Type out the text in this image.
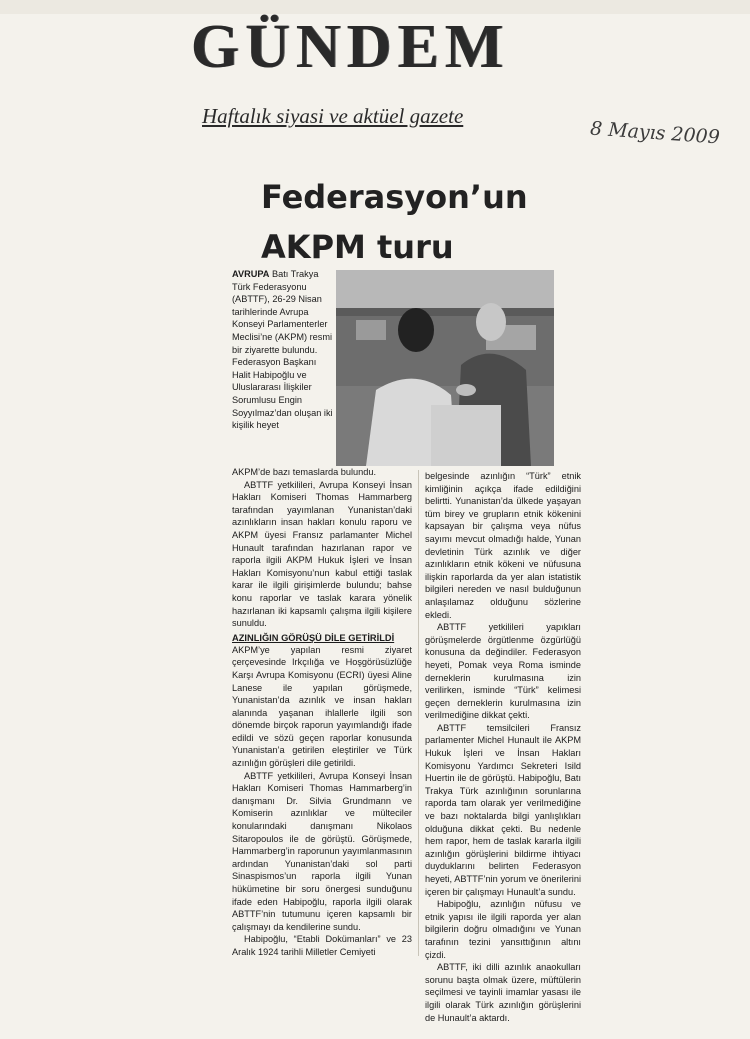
GÜNDEM
Haftalık siyasi ve aktüel gazete
8 Mayıs 2009
Federasyon’un
AKPM turu
AVRUPA Batı Trakya Türk Federasyonu (ABTTF), 26-29 Nisan tarihlerinde Avrupa Konseyi Parlamenterler Meclisi’ne (AKPM) resmi bir ziyarette bulundu. Federasyon Başkanı Halit Habipoğlu ve Uluslararası İlişkiler Sorumlusu Engin Soyyılmaz’dan oluşan iki kişilik heyet
AKPM’de bazı temaslarda bulundu.

ABTTF yetkilileri, Avrupa Konseyi İnsan Hakları Komiseri Thomas Hammarberg tarafından yayımlanan Yunanistan’daki azınlıkların insan hakları konulu raporu ve AKPM üyesi Fransız parlamanter Michel Hunault tarafından hazırlanan rapor ve raporla ilgili AKPM Hukuk İşleri ve İnsan Hakları Komisyonu’nun kabul ettiği taslak karar ile ilgili girişimlerde bulundu; bahse konu raporlar ve taslak karara yönelik hazırlanan iki kapsamlı çalışma ilgili kişilere sunuldu.

AZINLIĞIN GÖRÜŞÜ DİLE GETİRİLDİ

AKPM’ye yapılan resmi ziyaret çerçevesinde Irkçılığa ve Hoşgörüsüzlüğe Karşı Avrupa Komisyonu (ECRI) üyesi Aline Lanese ile yapılan görüşmede, Yunanistan’da azınlık ve insan hakları alanında yaşanan ihlallerle ilgili son dönemde birçok raporun yayımlandığı ifade edildi ve sözü geçen raporlar konusunda Yunanistan’a getirilen eleştiriler ve Türk azınlığın görüşleri dile getirildi.

ABTTF yetkilileri, Avrupa Konseyi İnsan Hakları Komiseri Thomas Hammarberg’in danışmanı Dr. Silvia Grundmann ve Komiserin azınlıklar ve mülteciler konularındaki danışmanı Nikolaos Sitaropoulos ile de görüştü. Görüşmede, Hammarberg’in raporunun yayımlanmasının ardından Yunanistan’daki sol parti Sinaspismos’un raporla ilgili Yunan hükümetine bir soru önergesi sunduğunu ifade eden Habipoğlu, raporla ilgili olarak ABTTF’nin tutumunu içeren kapsamlı bir çalışmayı da kendilerine sundu.

Habipoğlu, “Etabli Dokümanları” ve 23 Aralık 1924 tarihli Milletler Cemiyeti

belgesinde azınlığın “Türk” etnik kimliğinin açıkça ifade edildiğini belirtti. Yunanistan’da ülkede yaşayan tüm birey ve grupların etnik kökenini kapsayan bir çalışma veya nüfus sayımı mevcut olmadığı halde, Yunan devletinin Türk azınlık ve diğer azınlıkların etnik kökeni ve nüfusuna ilişkin raporlarda da yer alan istatistik bilgileri nereden ve nasıl bulduğunun anlaşılamaz olduğunu sözlerine ekledi.

ABTTF yetkilileri yapıkları görüşmelerde örgütlenme özgürlüğü konusuna da değindiler. Federasyon heyeti, Pomak veya Roma isminde derneklerin kurulmasına izin verilirken, isminde “Türk” kelimesi geçen derneklerin kurulmasına izin verilmediğine dikkat çekti.

ABTTF temsilcileri Fransız parlamenter Michel Hunault ile AKPM Hukuk İşleri ve İnsan Hakları Komisyonu Yardımcı Sekreteri Isild Huertin ile de görüştü. Habipoğlu, Batı Trakya Türk azınlığının sorunlarına raporda tam olarak yer verilmediğine ve bazı noktalarda bilgi yanlışlıkları olduğuna dikkat çekti. Bu nedenle hem rapor, hem de taslak kararla ilgili azınlığın görüşlerini bildirme ihtiyacı duyduklarını belirten Federasyon heyeti, ABTTF’nin yorum ve önerilerini içeren bir çalışmayı Hunault’a sundu.

Habipoğlu, azınlığın nüfusu ve etnik yapısı ile ilgili raporda yer alan bilgilerin doğru olmadığını ve Yunan tarafının tezini yansıttığının altını çizdi.

ABTTF, iki dilli azınlık anaokulları sorunu başta olmak üzere, müftülerin seçilmesi ve tayinli imamlar yasası ile ilgili olarak Türk azınlığın görüşlerini de Hunault’a aktardı.
